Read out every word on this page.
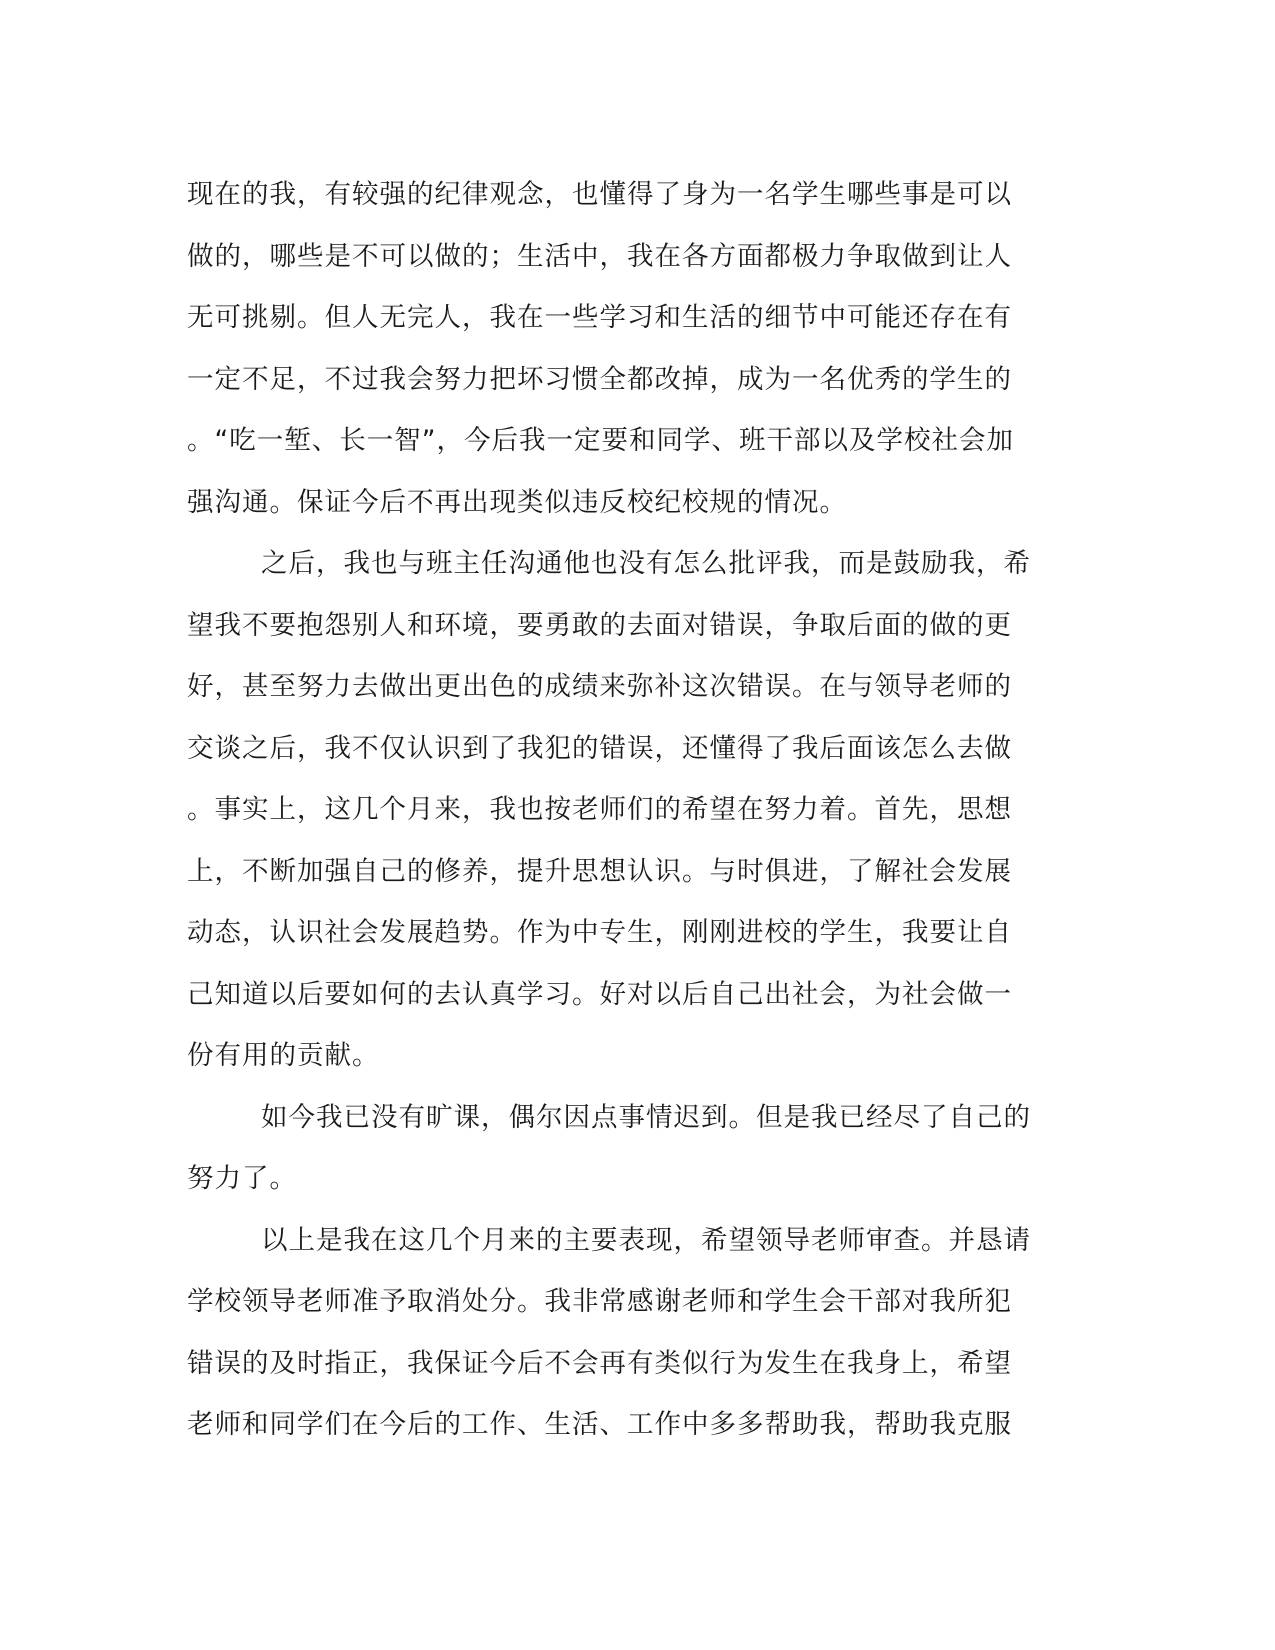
现在的我，有较强的纪律观念，也懂得了身为一名学生哪些事是可以
做的，哪些是不可以做的；生活中，我在各方面都极力争取做到让人
无可挑剔。但人无完人，我在一些学习和生活的细节中可能还存在有
一定不足，不过我会努力把坏习惯全都改掉，成为一名优秀的学生的
。“吃一堑、长一智”，今后我一定要和同学、班干部以及学校社会加
强沟通。保证今后不再出现类似违反校纪校规的情况。
之后，我也与班主任沟通他也没有怎么批评我，而是鼓励我，希
望我不要抱怨别人和环境，要勇敢的去面对错误，争取后面的做的更
好，甚至努力去做出更出色的成绩来弥补这次错误。在与领导老师的
交谈之后，我不仅认识到了我犯的错误，还懂得了我后面该怎么去做
。事实上，这几个月来，我也按老师们的希望在努力着。首先，思想
上，不断加强自己的修养，提升思想认识。与时俱进，了解社会发展
动态，认识社会发展趋势。作为中专生，刚刚进校的学生，我要让自
己知道以后要如何的去认真学习。好对以后自己出社会，为社会做一
份有用的贡献。
如今我已没有旷课，偶尔因点事情迟到。但是我已经尽了自己的
努力了。
以上是我在这几个月来的主要表现，希望领导老师审查。并恳请
学校领导老师准予取消处分。我非常感谢老师和学生会干部对我所犯
错误的及时指正，我保证今后不会再有类似行为发生在我身上，希望
老师和同学们在今后的工作、生活、工作中多多帮助我，帮助我克服
